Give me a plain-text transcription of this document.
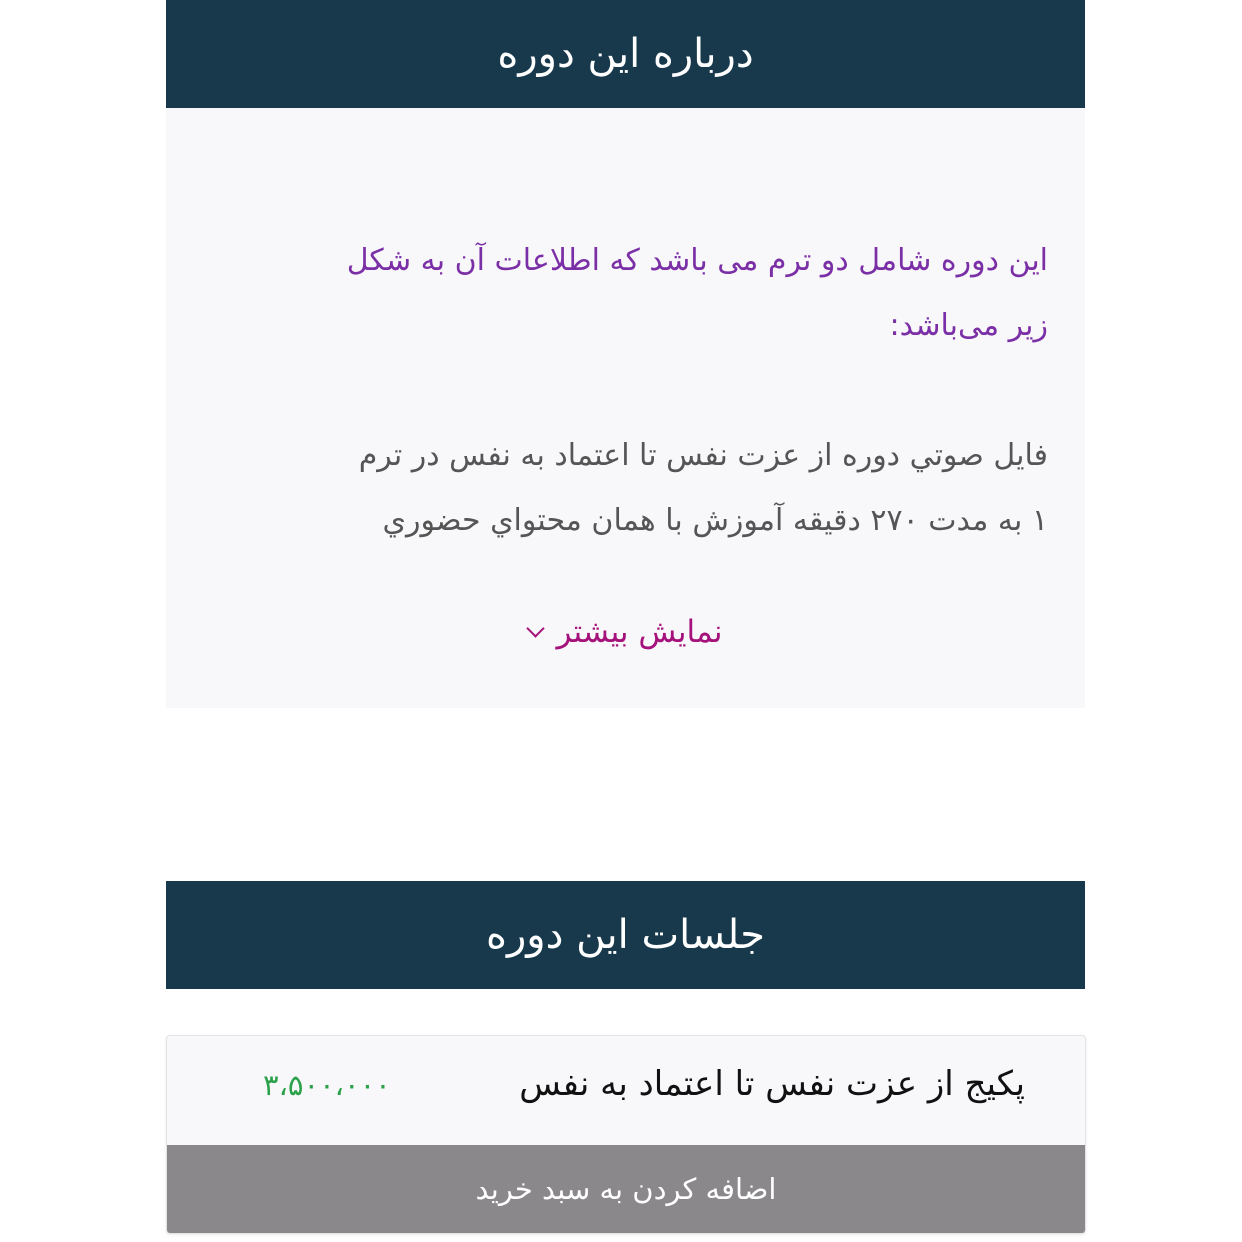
درباره این دوره

این دوره شامل دو ترم می باشد که اطلاعات آن به شکل

زیر می‌باشد:

فايل صوتي دوره از عزت نفس تا اعتماد به نفس در ترم

۱ به مدت ۲۷۰ دقيقه آموزش با همان محتواي حضوري

نمایش بیشتر
جلسات این دوره
پکیج از عزت نفس تا اعتماد به نفس
۳،۵۰۰،۰۰۰
اضافه کردن به سبد خرید
